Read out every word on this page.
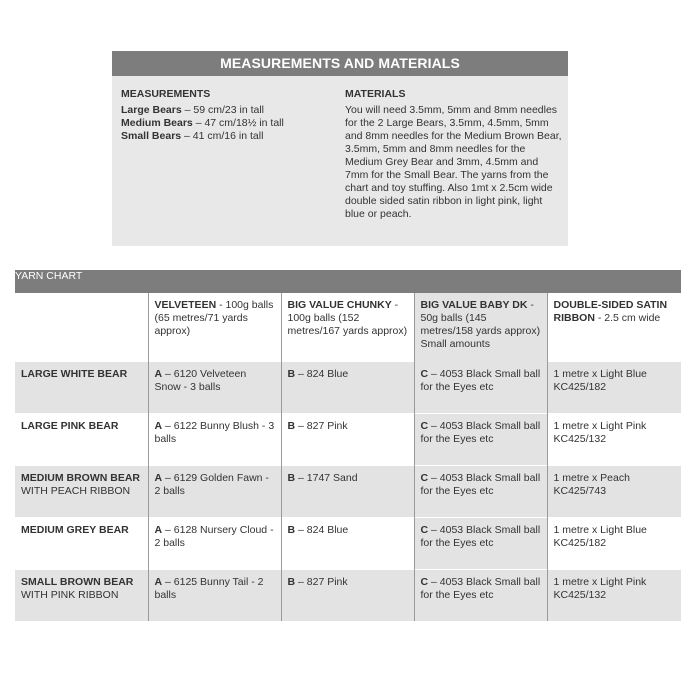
MEASUREMENTS AND MATERIALS
MEASUREMENTS
Large Bears – 59 cm/23 in tall
Medium Bears – 47 cm/18½ in tall
Small Bears – 41 cm/16 in tall
MATERIALS
You will need 3.5mm, 5mm and 8mm needles for the 2 Large Bears, 3.5mm, 4.5mm, 5mm and 8mm needles for the Medium Brown Bear, 3.5mm, 5mm and 8mm needles for the Medium Grey Bear and 3mm, 4.5mm and 7mm for the Small Bear. The yarns from the chart and toy stuffing. Also 1mt x 2.5cm wide double sided satin ribbon in light pink, light blue or peach.
YARN CHART				
	VELVETEEN - 100g balls (65 metres/71 yards approx)	BIG VALUE CHUNKY - 100g balls (152 metres/167 yards approx)	BIG VALUE BABY DK - 50g balls (145 metres/158 yards approx) Small amounts	DOUBLE-SIDED SATIN RIBBON - 2.5 cm wide
LARGE WHITE BEAR	A – 6120 Velveteen Snow - 3 balls	B – 824 Blue	C – 4053 Black Small ball for the Eyes etc	1 metre x Light Blue KC425/182
LARGE PINK BEAR	A – 6122 Bunny Blush - 3 balls	B – 827 Pink	C – 4053 Black Small ball for the Eyes etc	1 metre x Light Pink KC425/132
MEDIUM BROWN BEAR WITH PEACH RIBBON	A – 6129 Golden Fawn - 2 balls	B – 1747 Sand	C – 4053 Black Small ball for the Eyes etc	1 metre x Peach KC425/743
MEDIUM GREY BEAR	A – 6128 Nursery Cloud - 2 balls	B – 824 Blue	C – 4053 Black Small ball for the Eyes etc	1 metre x Light Blue KC425/182
SMALL BROWN BEAR WITH PINK RIBBON	A – 6125 Bunny Tail - 2 balls	B – 827 Pink	C – 4053 Black Small ball for the Eyes etc	1 metre x Light Pink KC425/132
